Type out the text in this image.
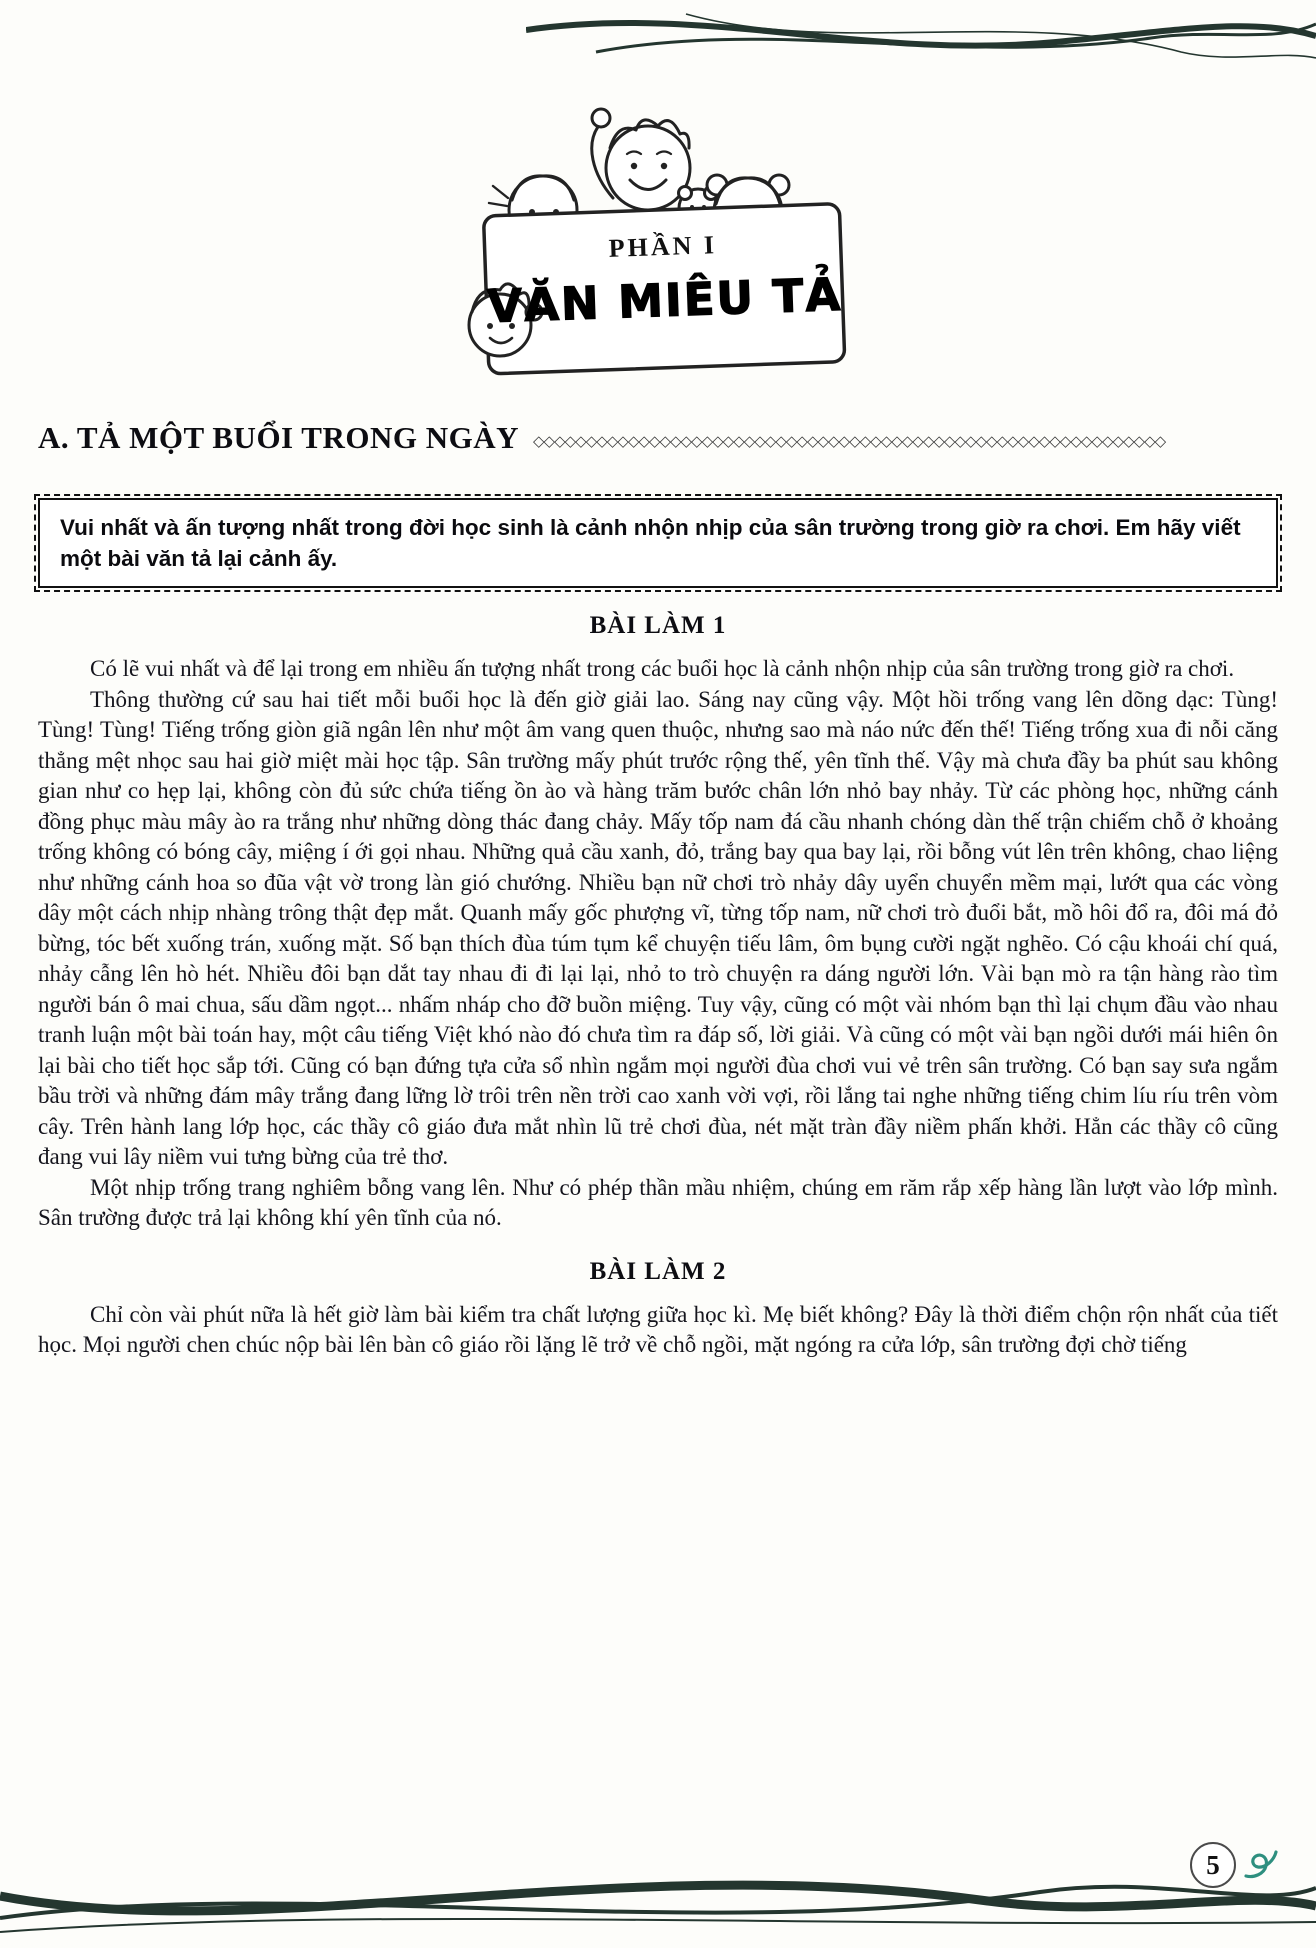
PHẦN I
VĂN MIÊU TẢ
A. TẢ MỘT BUỔI TRONG NGÀY
◇◇◇◇◇◇◇◇◇◇◇◇◇◇◇◇◇◇◇◇◇◇◇◇◇◇◇◇◇◇◇◇◇◇◇◇◇◇◇◇◇◇◇◇◇◇◇◇◇◇◇◇◇◇◇◇◇◇◇◇

Vui nhất và ấn tượng nhất trong đời học sinh là cảnh nhộn nhịp của sân trường trong giờ ra chơi. Em hãy viết một bài văn tả lại cảnh ấy.

BÀI LÀM 1

Có lẽ vui nhất và để lại trong em nhiều ấn tượng nhất trong các buổi học là cảnh nhộn nhịp của sân trường trong giờ ra chơi.

Thông thường cứ sau hai tiết mỗi buổi học là đến giờ giải lao. Sáng nay cũng vậy. Một hồi trống vang lên dõng dạc: Tùng! Tùng! Tùng! Tiếng trống giòn giã ngân lên như một âm vang quen thuộc, nhưng sao mà náo nức đến thế! Tiếng trống xua đi nỗi căng thẳng mệt nhọc sau hai giờ miệt mài học tập. Sân trường mấy phút trước rộng thế, yên tĩnh thế. Vậy mà chưa đầy ba phút sau không gian như co hẹp lại, không còn đủ sức chứa tiếng ồn ào và hàng trăm bước chân lớn nhỏ bay nhảy. Từ các phòng học, những cánh đồng phục màu mây ào ra trắng như những dòng thác đang chảy. Mấy tốp nam đá cầu nhanh chóng dàn thế trận chiếm chỗ ở khoảng trống không có bóng cây, miệng í ới gọi nhau. Những quả cầu xanh, đỏ, trắng bay qua bay lại, rồi bỗng vút lên trên không, chao liệng như những cánh hoa so đũa vật vờ trong làn gió chướng. Nhiều bạn nữ chơi trò nhảy dây uyển chuyển mềm mại, lướt qua các vòng dây một cách nhịp nhàng trông thật đẹp mắt. Quanh mấy gốc phượng vĩ, từng tốp nam, nữ chơi trò đuổi bắt, mồ hôi đổ ra, đôi má đỏ bừng, tóc bết xuống trán, xuống mặt. Số bạn thích đùa túm tụm kể chuyện tiếu lâm, ôm bụng cười ngặt nghẽo. Có cậu khoái chí quá, nhảy cẫng lên hò hét. Nhiều đôi bạn dắt tay nhau đi đi lại lại, nhỏ to trò chuyện ra dáng người lớn. Vài bạn mò ra tận hàng rào tìm người bán ô mai chua, sấu dầm ngọt... nhấm nháp cho đỡ buồn miệng. Tuy vậy, cũng có một vài nhóm bạn thì lại chụm đầu vào nhau tranh luận một bài toán hay, một câu tiếng Việt khó nào đó chưa tìm ra đáp số, lời giải. Và cũng có một vài bạn ngồi dưới mái hiên ôn lại bài cho tiết học sắp tới. Cũng có bạn đứng tựa cửa sổ nhìn ngắm mọi người đùa chơi vui vẻ trên sân trường. Có bạn say sưa ngắm bầu trời và những đám mây trắng đang lững lờ trôi trên nền trời cao xanh vời vợi, rồi lắng tai nghe những tiếng chim líu ríu trên vòm cây. Trên hành lang lớp học, các thầy cô giáo đưa mắt nhìn lũ trẻ chơi đùa, nét mặt tràn đầy niềm phấn khởi. Hẳn các thầy cô cũng đang vui lây niềm vui tưng bừng của trẻ thơ.

Một nhịp trống trang nghiêm bỗng vang lên. Như có phép thần mầu nhiệm, chúng em răm rắp xếp hàng lần lượt vào lớp mình. Sân trường được trả lại không khí yên tĩnh của nó.

BÀI LÀM 2

Chỉ còn vài phút nữa là hết giờ làm bài kiểm tra chất lượng giữa học kì. Mẹ biết không? Đây là thời điểm chộn rộn nhất của tiết học. Mọi người chen chúc nộp bài lên bàn cô giáo rồi lặng lẽ trở về chỗ ngồi, mặt ngóng ra cửa lớp, sân trường đợi chờ tiếng

5
